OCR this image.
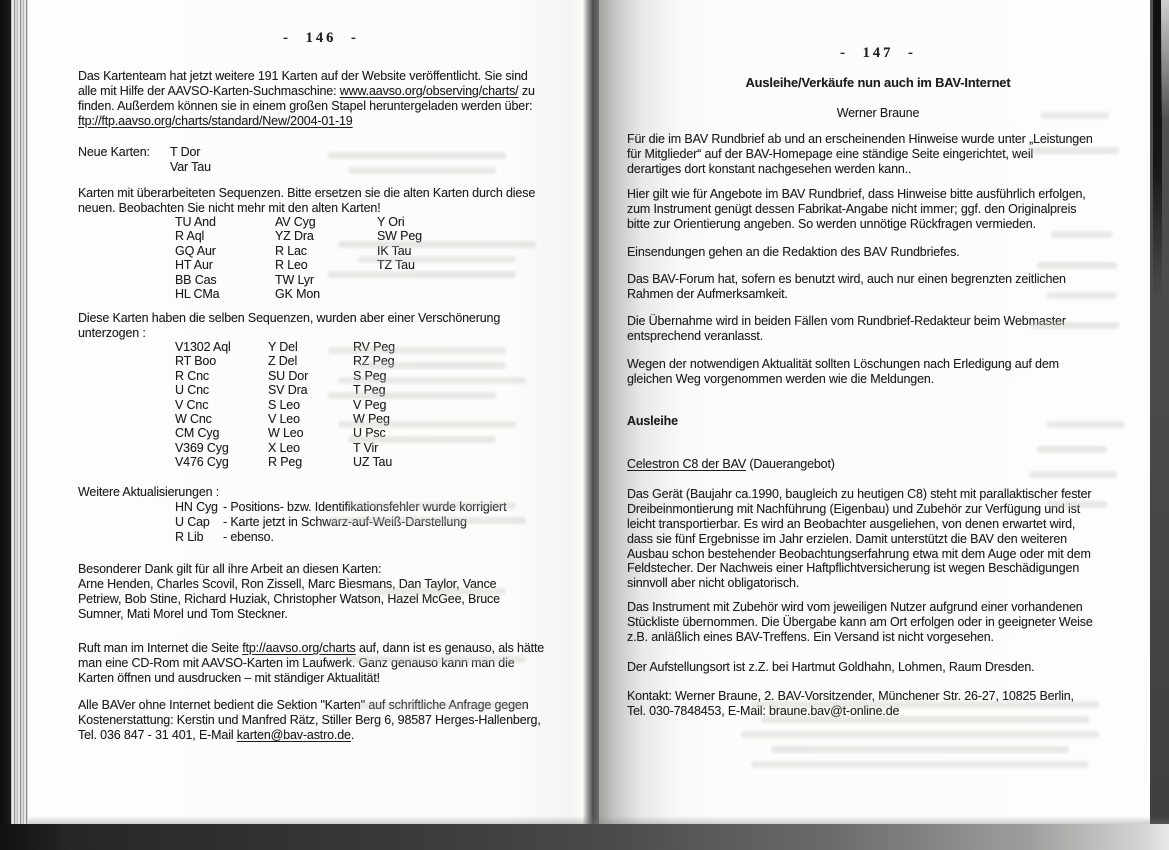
- 146 -
Das Kartenteam hat jetzt weitere 191 Karten auf der Website veröffentlicht. Sie sind
alle mit Hilfe der AAVSO-Karten-Suchmaschine: www.aavso.org/observing/charts/ zu
finden. Außerdem können sie in einem großen Stapel heruntergeladen werden über:
ftp://ftp.aavso.org/charts/standard/New/2004-01-19
Neue Karten:	T Dor
Var Tau
Karten mit überarbeiteten Sequenzen. Bitte ersetzen sie die alten Karten durch diese
neuen. Beobachten Sie nicht mehr mit den alten Karten!
TU And	AV Cyg	Y Ori
R Aql	YZ Dra	SW Peg
GQ Aur	R Lac	IK Tau
HT Aur	R Leo	TZ Tau
BB Cas	TW Lyr
HL CMa	GK Mon
Diese Karten haben die selben Sequenzen, wurden aber einer Verschönerung
unterzogen :
V1302 Aql	Y Del	RV Peg
RT Boo	Z Del	RZ Peg
R Cnc	SU Dor	S Peg
U Cnc	SV Dra	T Peg
V Cnc	S Leo	V Peg
W Cnc	V Leo	W Peg
CM Cyg	W Leo	U Psc
V369 Cyg	X Leo	T Vir
V476 Cyg	R Peg	UZ Tau
Weitere Aktualisierungen :
HN Cyg - Positions- bzw. Identifikationsfehler wurde korrigiert
U Cap	- Karte jetzt in Schwarz-auf-Weiß-Darstellung
R Lib	- ebenso.
Besonderer Dank gilt für all ihre Arbeit an diesen Karten:
Arne Henden, Charles Scovil, Ron Zissell, Marc Biesmans, Dan Taylor, Vance
Petriew, Bob Stine, Richard Huziak, Christopher Watson, Hazel McGee, Bruce
Sumner, Mati Morel und Tom Steckner.
Ruft man im Internet die Seite ftp://aavso.org/charts auf, dann ist es genauso, als hätte
man eine CD-Rom mit AAVSO-Karten im Laufwerk. Ganz genauso kann man die
Karten öffnen und ausdrucken – mit ständiger Aktualität!
Alle BAVer ohne Internet bedient die Sektion "Karten" auf schriftliche Anfrage gegen
Kostenerstattung: Kerstin und Manfred Rätz, Stiller Berg 6, 98587 Herges-Hallenberg,
Tel. 036 847 - 31 401, E-Mail karten@bav-astro.de.
- 147 -
Ausleihe/Verkäufe nun auch im BAV-Internet
Werner Braune
Für die im BAV Rundbrief ab und an erscheinenden Hinweise wurde unter „Leistungen
für Mitglieder“ auf der BAV-Homepage eine ständige Seite eingerichtet, weil
derartiges dort konstant nachgesehen werden kann..
Hier gilt wie für Angebote im BAV Rundbrief, dass Hinweise bitte ausführlich erfolgen,
zum Instrument genügt dessen Fabrikat-Angabe nicht immer; ggf. den Originalpreis
bitte zur Orientierung angeben. So werden unnötige Rückfragen vermieden.
Einsendungen gehen an die Redaktion des BAV Rundbriefes.
Das BAV-Forum hat, sofern es benutzt wird, auch nur einen begrenzten zeitlichen
Rahmen der Aufmerksamkeit.
Die Übernahme wird in beiden Fällen vom Rundbrief-Redakteur beim Webmaster
entsprechend veranlasst.
Wegen der notwendigen Aktualität sollten Löschungen nach Erledigung auf dem
gleichen Weg vorgenommen werden wie die Meldungen.
Ausleihe
Celestron C8 der BAV (Dauerangebot)
Das Gerät (Baujahr ca.1990, baugleich zu heutigen C8) steht mit parallaktischer fester
Dreibeinmontierung mit Nachführung (Eigenbau) und Zubehör zur Verfügung und ist
leicht transportierbar. Es wird an Beobachter ausgeliehen, von denen erwartet wird,
dass sie fünf Ergebnisse im Jahr erzielen. Damit unterstützt die BAV den weiteren
Ausbau schon bestehender Beobachtungserfahrung etwa mit dem Auge oder mit dem
Feldstecher. Der Nachweis einer Haftpflichtversicherung ist wegen Beschädigungen
sinnvoll aber nicht obligatorisch.
Das Instrument mit Zubehör wird vom jeweiligen Nutzer aufgrund einer vorhandenen
Stückliste übernommen. Die Übergabe kann am Ort erfolgen oder in geeigneter Weise
z.B. anläßlich eines BAV-Treffens. Ein Versand ist nicht vorgesehen.
Der Aufstellungsort ist z.Z. bei Hartmut Goldhahn, Lohmen, Raum Dresden.
Kontakt: Werner Braune, 2. BAV-Vorsitzender, Münchener Str. 26-27, 10825 Berlin,
Tel. 030-7848453, E-Mail: braune.bav@t-online.de
